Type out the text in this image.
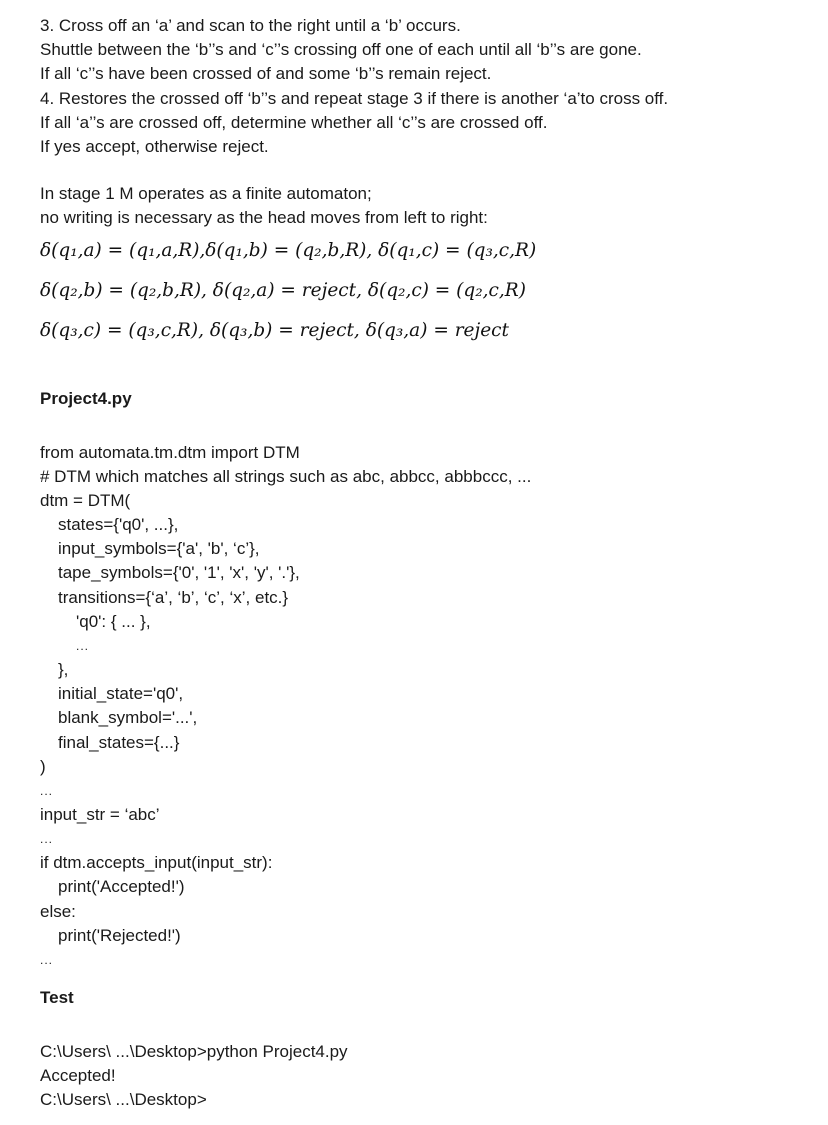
3. Cross off an ‘a’ and scan to the right until a ‘b’ occurs.
Shuttle between the ‘b’’s and ‘c’’s crossing off one of each until all ‘b’’s are gone.
If all ‘c’’s have been crossed of and some ‘b’’s remain reject.
4. Restores the crossed off ‘b’’s and repeat stage 3 if there is another ‘a’to cross off.
If all ‘a’’s are crossed off, determine whether all ‘c’’s are crossed off.
If yes accept, otherwise reject.
In stage 1 M operates as a finite automaton;
no writing is necessary as the head moves from left to right:
δ(q₁,a) = (q₁,a,R),δ(q₁,b) = (q₂,b,R), δ(q₁,c) = (q₃,c,R)
δ(q₂,b) = (q₂,b,R), δ(q₂,a) = reject, δ(q₂,c) = (q₂,c,R)
δ(q₃,c) = (q₃,c,R), δ(q₃,b) = reject, δ(q₃,a) = reject
Project4.py
from automata.tm.dtm import DTM
# DTM which matches all strings such as abc, abbcc, abbbccc, ...
dtm = DTM(
states={'q0', ...},
input_symbols={'a', 'b', ‘c’},
tape_symbols={'0', '1', 'x', 'y', '.'},
transitions={‘a’, ‘b’, ‘c’, ‘x’, etc.}
'q0': { ... },
...
},
initial_state='q0',
blank_symbol='...',
final_states={...}
)
...
input_str = ‘abc’
...
if dtm.accepts_input(input_str):
print('Accepted!')
else:
print('Rejected!')
...
Test
C:\Users\ ...\Desktop>python Project4.py
Accepted!
C:\Users\ ...\Desktop>
